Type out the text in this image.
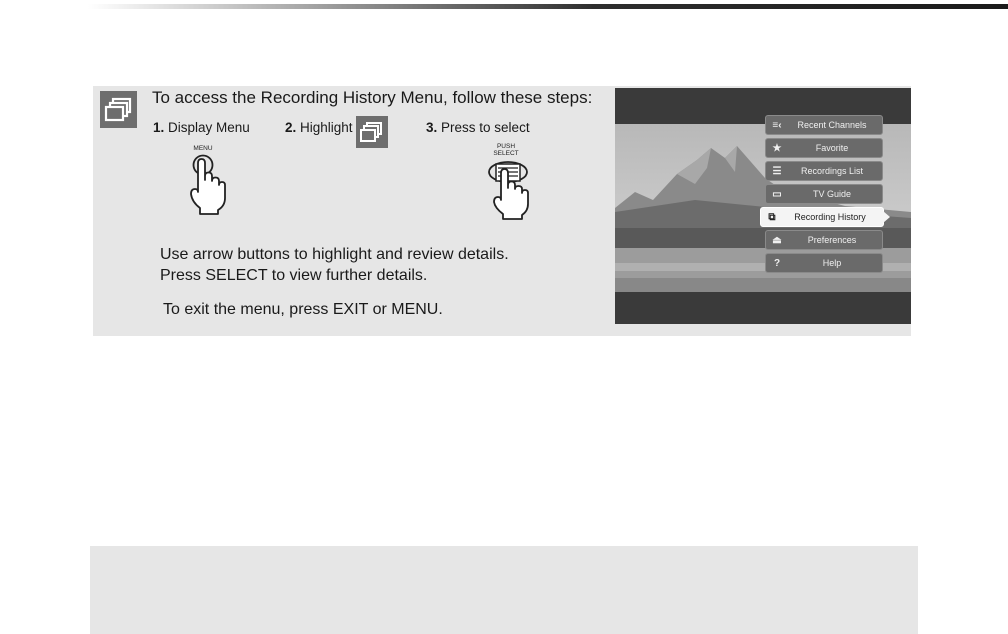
To access the Recording History Menu, follow these steps:
1. Display Menu	2. Highlight	3. Press to select
MENU	PUSH
SELECT
Use arrow buttons to highlight and review details.
Press SELECT to view further details.
To exit the menu, press EXIT or MENU.
≡‹	Recent Channels
★	Favorite
☰	Recordings List
▭	TV Guide
⧉	Recording History
⏏	Preferences
?	Help
